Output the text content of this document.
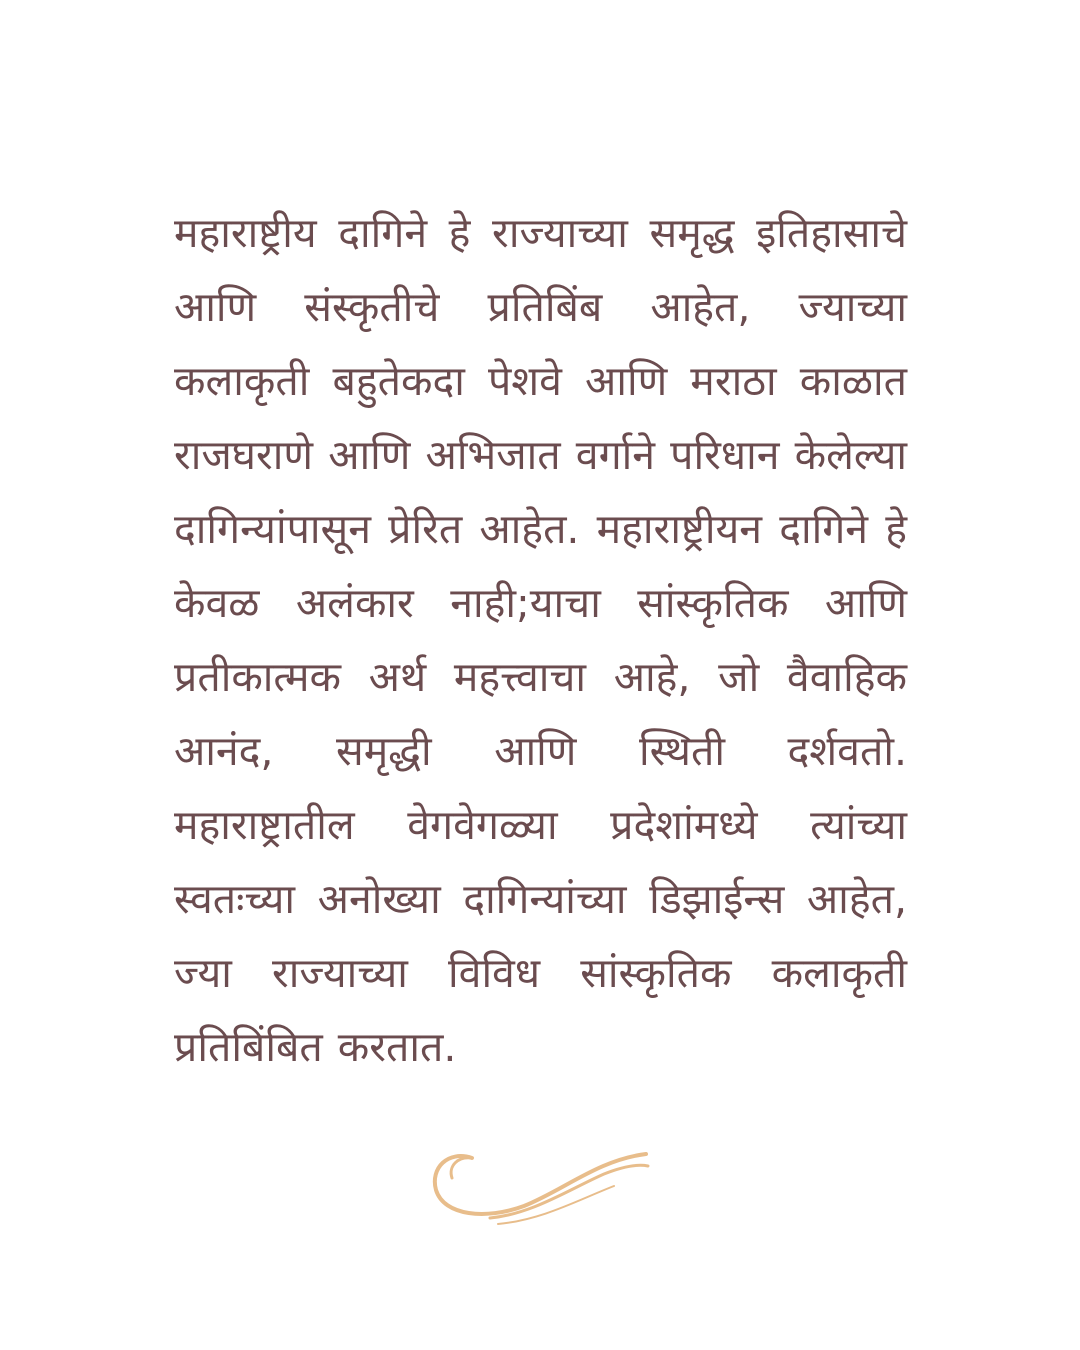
महाराष्ट्रीय दागिने हे राज्याच्या समृद्ध इतिहासाचे आणि संस्कृतीचे प्रतिबिंब आहेत, ज्याच्या कलाकृती बहुतेकदा पेशवे आणि मराठा काळात राजघराणे आणि अभिजात वर्गाने परिधान केलेल्या दागिन्यांपासून प्रेरित आहेत. महाराष्ट्रीयन दागिने हे केवळ अलंकार नाही;याचा सांस्कृतिक आणि प्रतीकात्मक अर्थ महत्त्वाचा आहे, जो वैवाहिक आनंद, समृद्धी आणि स्थिती दर्शवतो. महाराष्ट्रातील वेगवेगळ्या प्रदेशांमध्ये त्यांच्या स्वतःच्या अनोख्या दागिन्यांच्या डिझाईन्स आहेत, ज्या राज्याच्या विविध सांस्कृतिक कलाकृती प्रतिबिंबित करतात.
